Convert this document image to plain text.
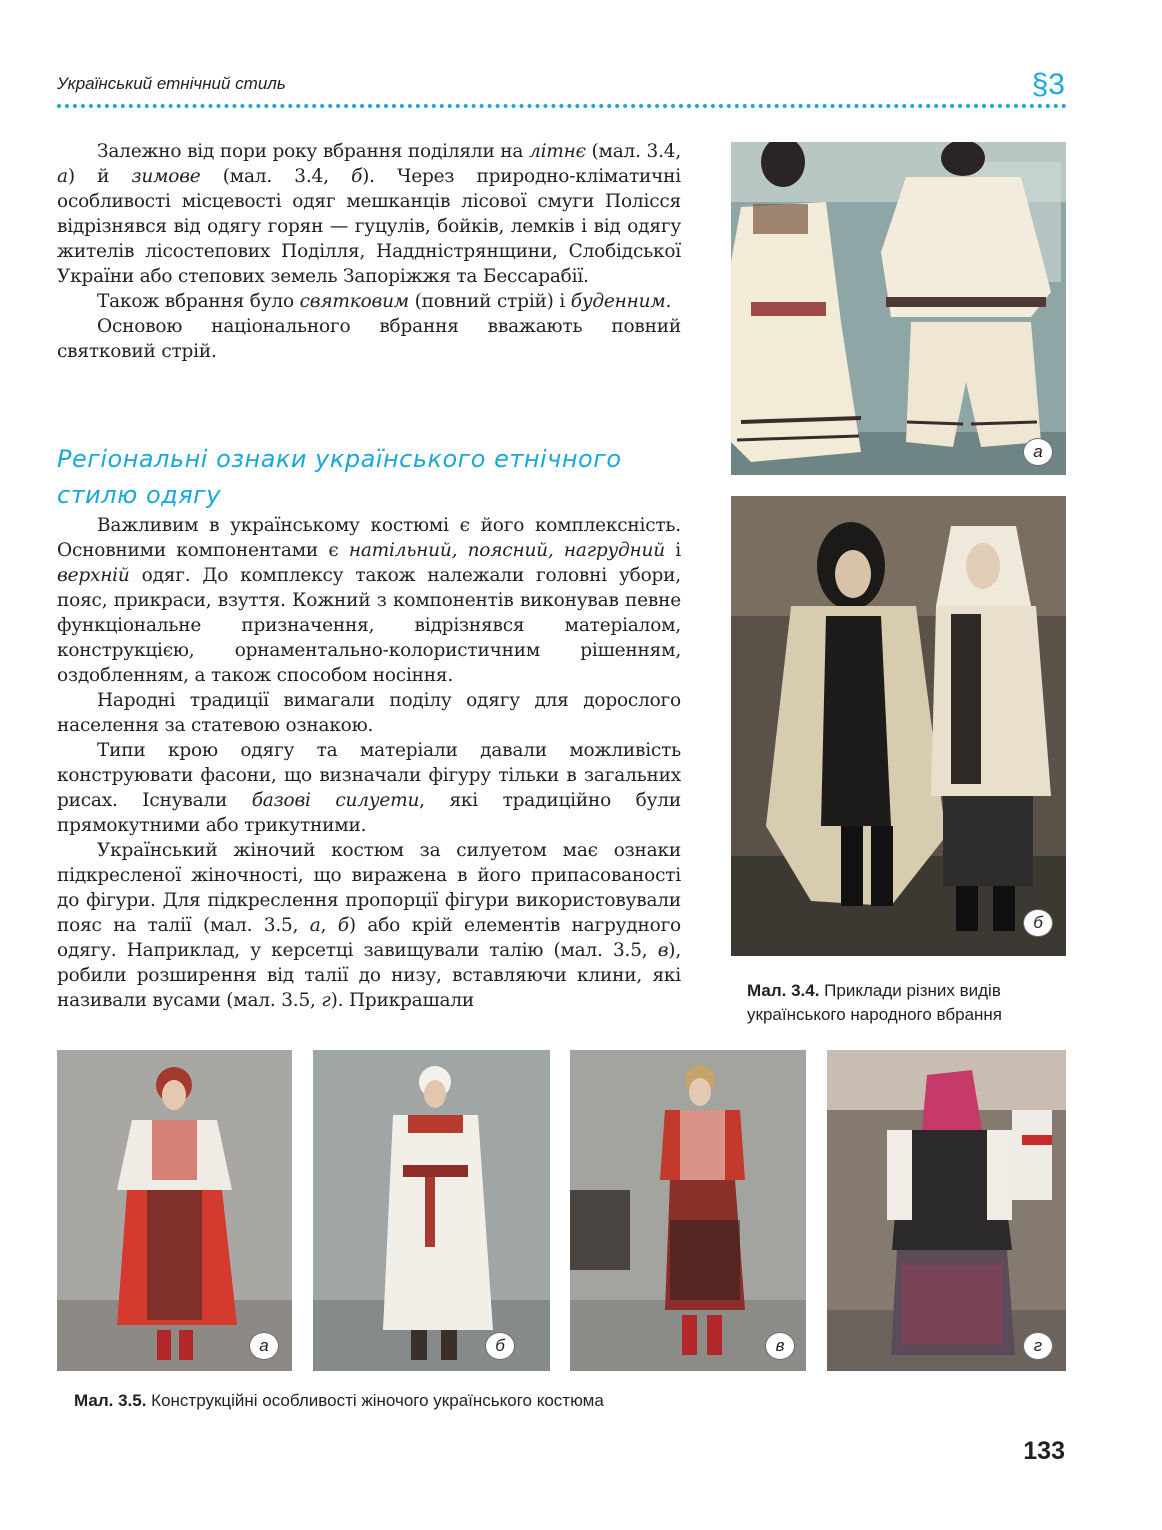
Український етнічний стиль	§3

Залежно від пори року вбрання поділяли на літнє (мал. 3.4, а) й зимове (мал. 3.4, б). Через природно-кліматичні особливості місцевості одяг мешканців лісової смуги Полісся відрізнявся від одягу горян — гуцулів, бойків, лемків і від одягу жителів лісостепових Поділля, Наддністрянщини, Слобідської України або степових земель Запоріжжя та Бессарабії.

Також вбрання було святковим (повний стрій) і буденним.

Основою національного вбрання вважають повний святковий стрій.

Регіональні ознаки українського етнічного
стилю одягу

Важливим в українському костюмі є його комплексність. Основними компонентами є натільний, поясний, нагрудний і верхній одяг. До комплексу також належали головні убори, пояс, прикраси, взуття. Кожний з компонентів виконував певне функціональне призначення, відрізнявся матеріалом, конструкцією, орнаментально-колористичним рішенням, оздобленням, а також способом носіння.

Народні традиції вимагали поділу одягу для дорослого населення за статевою ознакою.

Типи крою одягу та матеріали давали можливість конструювати фасони, що визначали фігуру тільки в загальних рисах. Існували базові силуети, які традиційно були прямокутними або трикутними.

Український жіночий костюм за силуетом має ознаки підкресленої жіночності, що виражена в його припасованості до фігури. Для підкреслення пропорції фігури використовували пояс на талії (мал. 3.5, а, б) або крій елементів нагрудного одягу. Наприклад, у керсетці завищували талію (мал. 3.5, в), робили розширення від талії до низу, вставляючи клини, які називали вусами (мал. 3.5, г). Прикрашали

а
б
Мал. 3.4. Приклади різних видів українського народного вбрання
а	б	в	г
Мал. 3.5. Конструкційні особливості жіночого українського костюма
133
